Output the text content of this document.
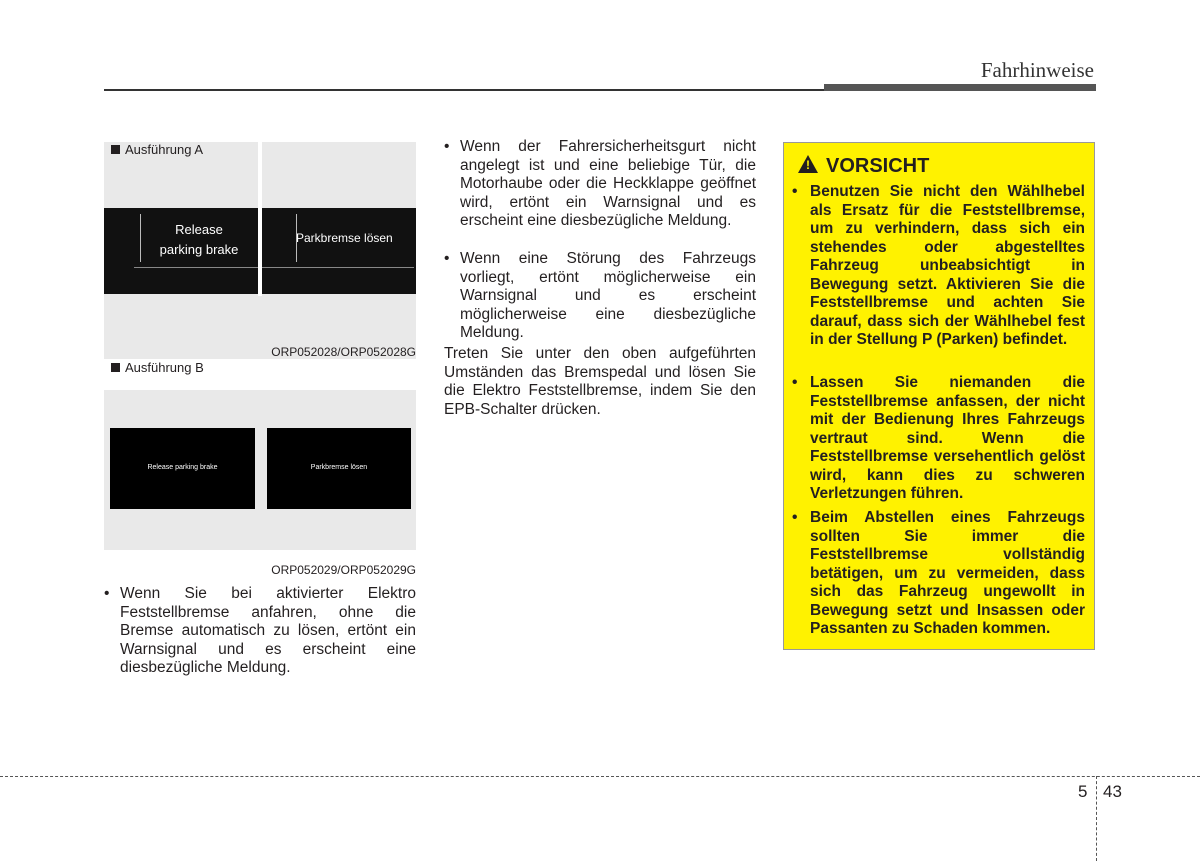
Fahrhinweise
Release
parking brake
Parkbremse lösen
Ausführung A
ORP052028/ORP052028G
Release parking brake	Parkbremse lösen
Ausführung B
ORP052029/ORP052029G
• Wenn Sie bei aktivierter Elektro Feststellbremse anfahren, ohne die Bremse automatisch zu lösen, ertönt ein Warnsignal und es erscheint eine diesbezügliche Meldung.
• Wenn der Fahrersicherheitsgurt nicht angelegt ist und eine beliebige Tür, die Motorhaube oder die Heckklappe geöffnet wird, ertönt ein Warnsignal und es erscheint eine diesbezügliche Meldung.
• Wenn eine Störung des Fahrzeugs vorliegt, ertönt möglicherweise ein Warnsignal und es erscheint möglicherweise eine diesbezügliche Meldung.
Treten Sie unter den oben aufgeführten Umständen das Bremspedal und lösen Sie die Elektro Feststellbremse, indem Sie den EPB-Schalter drücken.
!VORSICHT
• Benutzen Sie nicht den Wählhebel als Ersatz für die Feststellbremse, um zu verhindern, dass sich ein stehendes oder abgestelltes Fahrzeug unbeabsichtigt in Bewegung setzt. Aktivieren Sie die Feststellbremse und achten Sie darauf, dass sich der Wählhebel fest in der Stellung P (Parken) befindet.
• Lassen Sie niemanden die Feststellbremse anfassen, der nicht mit der Bedienung Ihres Fahrzeugs vertraut sind. Wenn die Feststellbremse versehentlich gelöst wird, kann dies zu schweren Verletzungen führen.
• Beim Abstellen eines Fahrzeugs sollten Sie immer die Feststellbremse vollständig betätigen, um zu vermeiden, dass sich das Fahrzeug ungewollt in Bewegung setzt und Insassen oder Passanten zu Schaden kommen.
5 43
